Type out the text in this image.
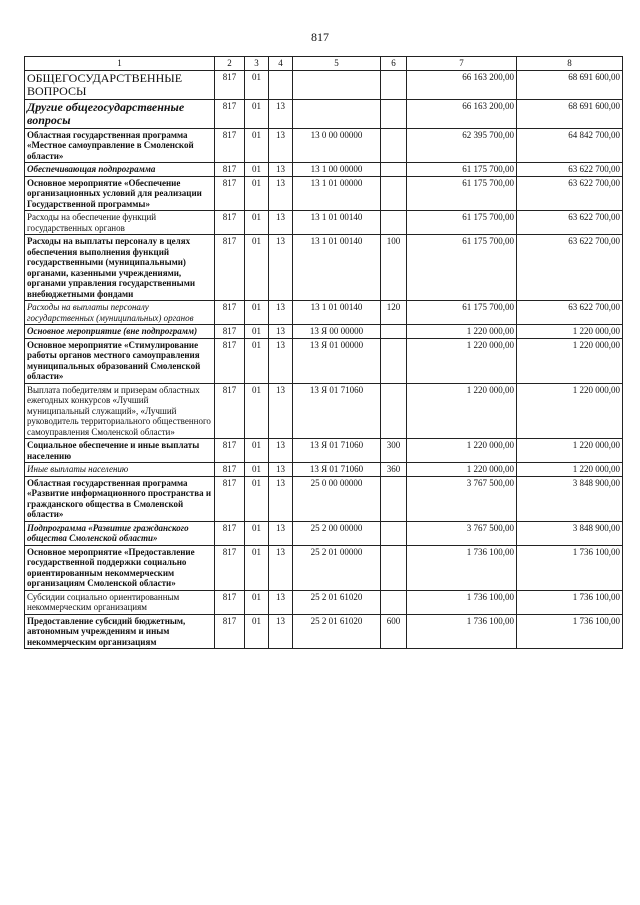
817
1	2	3	4	5	6	7	8
ОБЩЕГОСУДАРСТВЕННЫЕ ВОПРОСЫ	817	01				66 163 200,00	68 691 600,00
Другие общегосударственные вопросы	817	01	13			66 163 200,00	68 691 600,00
Областная государственная программа «Местное самоуправление в Смоленской области»	817	01	13	13 0 00 00000		62 395 700,00	64 842 700,00
Обеспечивающая подпрограмма	817	01	13	13 1 00 00000		61 175 700,00	63 622 700,00
Основное мероприятие «Обеспечение организационных условий для реализации Государственной программы»	817	01	13	13 1 01 00000		61 175 700,00	63 622 700,00
Расходы на обеспечение функций государственных органов	817	01	13	13 1 01 00140		61 175 700,00	63 622 700,00
Расходы на выплаты персоналу в целях обеспечения выполнения функций государственными (муниципальными) органами, казенными учреждениями, органами управления государственными внебюджетными фондами	817	01	13	13 1 01 00140	100	61 175 700,00	63 622 700,00
Расходы на выплаты персоналу государственных (муниципальных) органов	817	01	13	13 1 01 00140	120	61 175 700,00	63 622 700,00
Основное мероприятие (вне подпрограмм)	817	01	13	13 Я 00 00000		1 220 000,00	1 220 000,00
Основное мероприятие «Стимулирование работы органов местного самоуправления муниципальных образований Смоленской области»	817	01	13	13 Я 01 00000		1 220 000,00	1 220 000,00
Выплата победителям и призерам областных ежегодных конкурсов «Лучший муниципальный служащий», «Лучший руководитель территориального общественного самоуправления Смоленской области»	817	01	13	13 Я 01 71060		1 220 000,00	1 220 000,00
Социальное обеспечение и иные выплаты населению	817	01	13	13 Я 01 71060	300	1 220 000,00	1 220 000,00
Иные выплаты населению	817	01	13	13 Я 01 71060	360	1 220 000,00	1 220 000,00
Областная государственная программа «Развитие информационного пространства и гражданского общества в Смоленской области»	817	01	13	25 0 00 00000		3 767 500,00	3 848 900,00
Подпрограмма «Развитие гражданского общества Смоленской области»	817	01	13	25 2 00 00000		3 767 500,00	3 848 900,00
Основное мероприятие «Предоставление государственной поддержки социально ориентированным некоммерческим организациям Смоленской области»	817	01	13	25 2 01 00000		1 736 100,00	1 736 100,00
Субсидии социально ориентированным некоммерческим организациям	817	01	13	25 2 01 61020		1 736 100,00	1 736 100,00
Предоставление субсидий бюджетным, автономным учреждениям и иным некоммерческим организациям	817	01	13	25 2 01 61020	600	1 736 100,00	1 736 100,00
